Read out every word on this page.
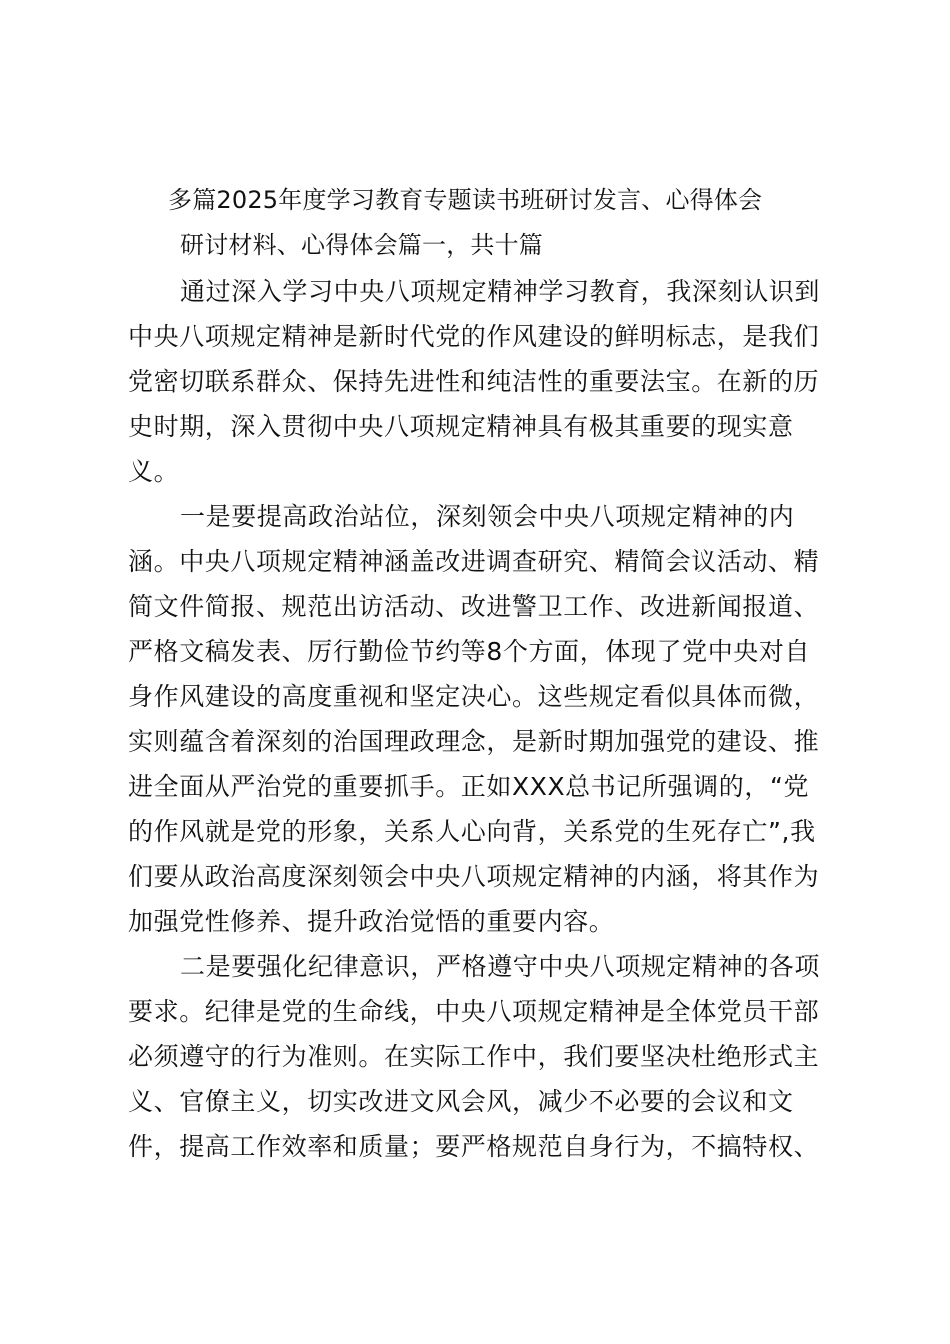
多篇2025年度学习教育专题读书班研讨发言、心得体会
研讨材料、心得体会篇一，共十篇
通过深入学习中央八项规定精神学习教育，我深刻认识到
中央八项规定精神是新时代党的作风建设的鲜明标志，是我们
党密切联系群众、保持先进性和纯洁性的重要法宝。在新的历
史时期，深入贯彻中央八项规定精神具有极其重要的现实意
义。
一是要提高政治站位，深刻领会中央八项规定精神的内
涵。中央八项规定精神涵盖改进调查研究、精简会议活动、精
简文件简报、规范出访活动、改进警卫工作、改进新闻报道、
严格文稿发表、厉行勤俭节约等8个方面，体现了党中央对自
身作风建设的高度重视和坚定决心。这些规定看似具体而微，
实则蕴含着深刻的治国理政理念，是新时期加强党的建设、推
进全面从严治党的重要抓手。正如XXX总书记所强调的，“党
的作风就是党的形象，关系人心向背，关系党的生死存亡”,我
们要从政治高度深刻领会中央八项规定精神的内涵，将其作为
加强党性修养、提升政治觉悟的重要内容。
二是要强化纪律意识，严格遵守中央八项规定精神的各项
要求。纪律是党的生命线，中央八项规定精神是全体党员干部
必须遵守的行为准则。在实际工作中，我们要坚决杜绝形式主
义、官僚主义，切实改进文风会风，减少不必要的会议和文
件，提高工作效率和质量；要严格规范自身行为，不搞特权、
